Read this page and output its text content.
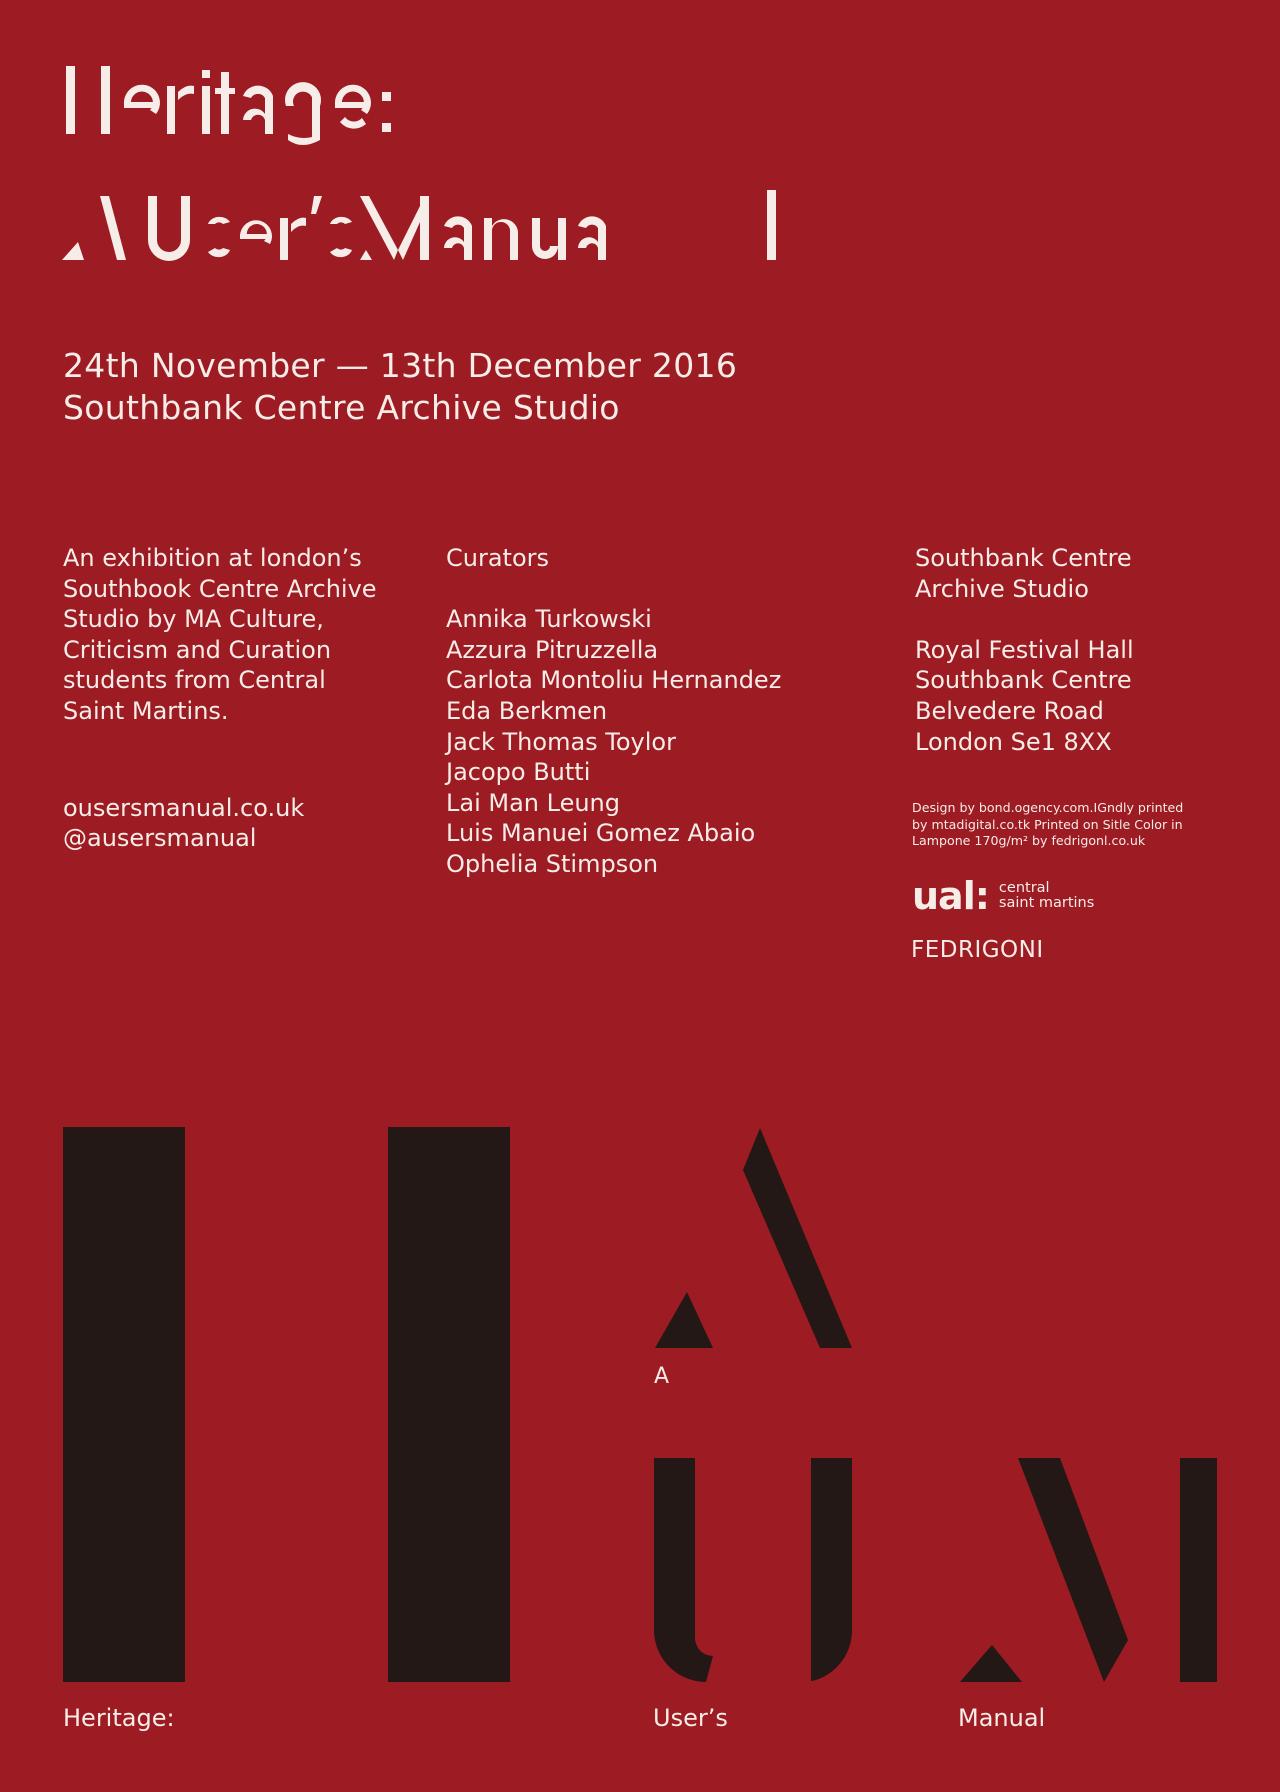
24th November — 13th December 2016
Southbank Centre Archive Studio
An exhibition at london’s
Southbook Centre Archive
Studio by MA Culture,
Criticism and Curation
students from Central
Saint Martins.
ousersmanual.co.uk
@ausersmanual
Curators
Annika Turkowski
Azzura Pitruzzella
Carlota Montoliu Hernandez
Eda Berkmen
Jack Thomas Toylor
Jacopo Butti
Lai Man Leung
Luis Manuei Gomez Abaio
Ophelia Stimpson
Southbank Centre
Archive Studio
Royal Festival Hall
Southbank Centre
Belvedere Road
London Se1 8XX
Design by bond.ogency.com.IGndly printed
by mtadigital.co.tk Printed on Sitle Color in
Lampone 170g/m² by fedrigonl.co.uk
ual: central
saint martins
FEDRIGONI
A
Heritage:	User’s	Manual
